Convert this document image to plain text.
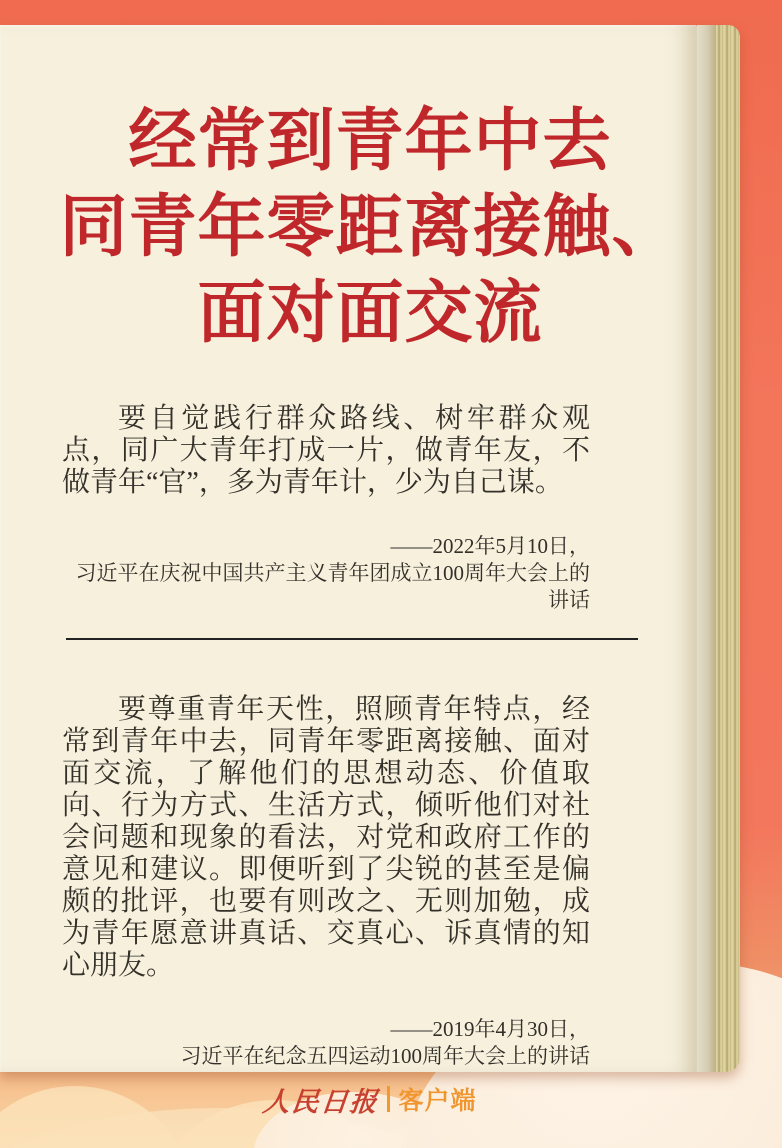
经常到青年中去
同青年零距离接触、
面对面交流

要自觉践行群众路线、树牢群众观点，同广大青年打成一片，做青年友，不做青年“官”，多为青年计，少为自己谋。

——2022年5月10日，
习近平在庆祝中国共产主义青年团成立100周年大会上的讲话

要尊重青年天性，照顾青年特点，经常到青年中去，同青年零距离接触、面对面交流，了解他们的思想动态、价值取向、行为方式、生活方式，倾听他们对社会问题和现象的看法，对党和政府工作的意见和建议。即便听到了尖锐的甚至是偏颇的批评，也要有则改之、无则加勉，成为青年愿意讲真话、交真心、诉真情的知心朋友。

——2019年4月30日，
习近平在纪念五四运动100周年大会上的讲话
人民日报 客户端
